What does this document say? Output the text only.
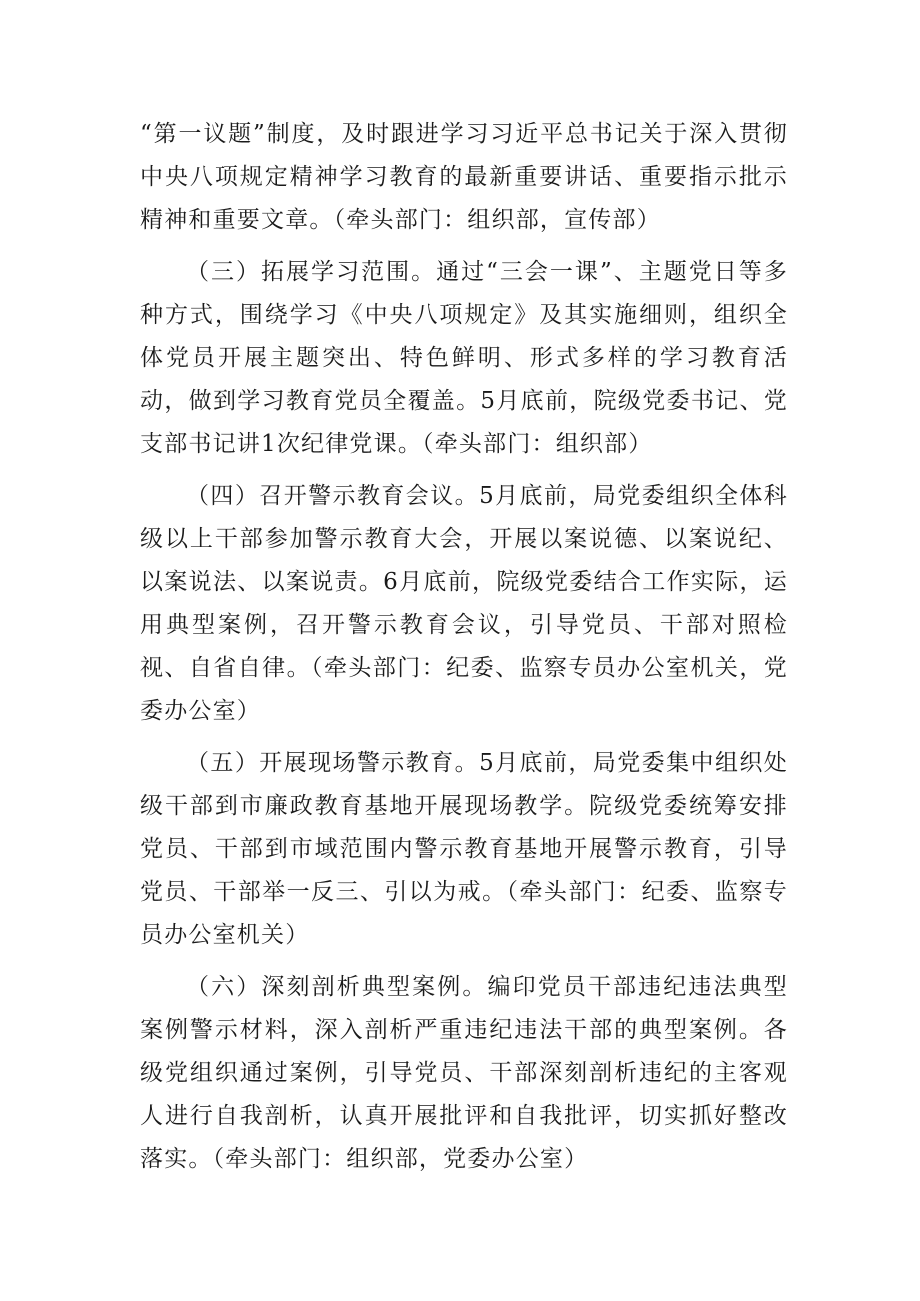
“第一议题”制度，及时跟进学习习近平总书记关于深入贯彻中央八项规定精神学习教育的最新重要讲话、重要指示批示精神和重要文章。（牵头部门：组织部，宣传部）

（三）拓展学习范围。通过“三会一课”、主题党日等多种方式，围绕学习《中央八项规定》及其实施细则，组织全体党员开展主题突出、特色鲜明、形式多样的学习教育活动，做到学习教育党员全覆盖。5月底前，院级党委书记、党支部书记讲1次纪律党课。（牵头部门：组织部）

（四）召开警示教育会议。5月底前，局党委组织全体科级以上干部参加警示教育大会，开展以案说德、以案说纪、以案说法、以案说责。6月底前，院级党委结合工作实际，运用典型案例，召开警示教育会议，引导党员、干部对照检视、自省自律。（牵头部门：纪委、监察专员办公室机关，党委办公室）

（五）开展现场警示教育。5月底前，局党委集中组织处级干部到市廉政教育基地开展现场教学。院级党委统筹安排党员、干部到市域范围内警示教育基地开展警示教育，引导党员、干部举一反三、引以为戒。（牵头部门：纪委、监察专员办公室机关）

（六）深刻剖析典型案例。编印党员干部违纪违法典型案例警示材料，深入剖析严重违纪违法干部的典型案例。各级党组织通过案例，引导党员、干部深刻剖析违纪的主客观人进行自我剖析，认真开展批评和自我批评，切实抓好整改落实。（牵头部门：组织部，党委办公室）
